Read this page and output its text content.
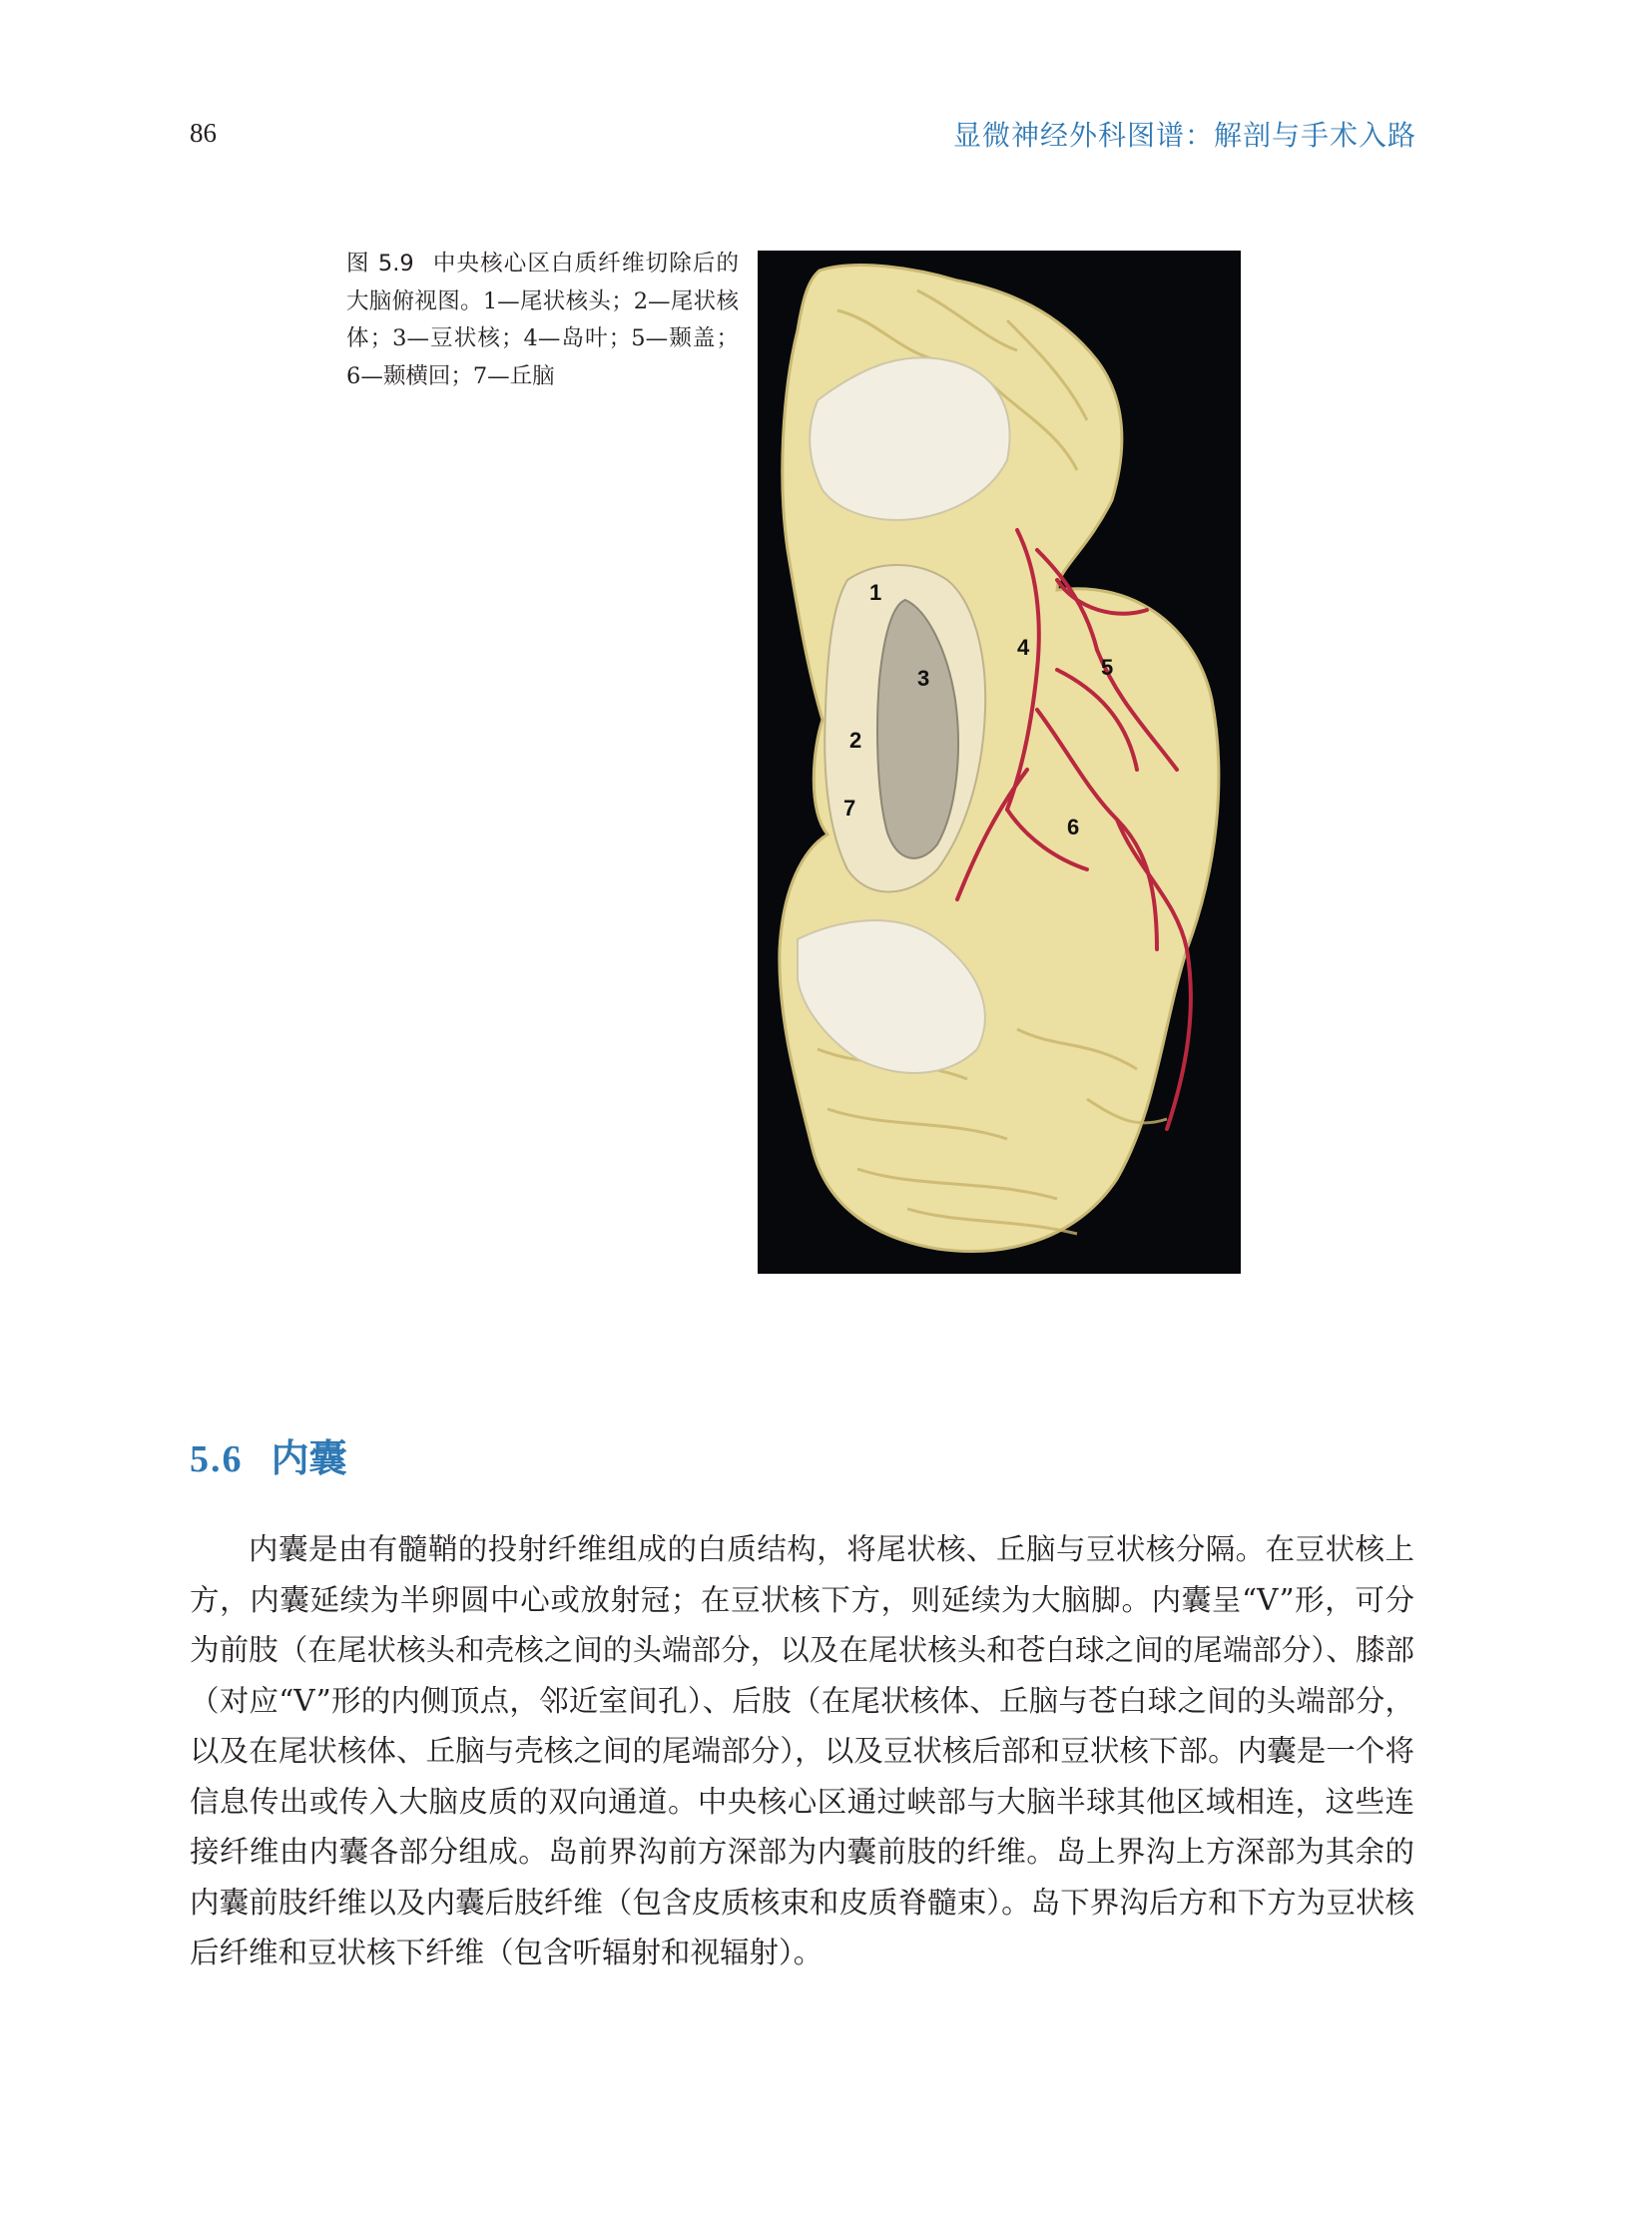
86	显微神经外科图谱：解剖与手术入路
图 5.9 中央核心区白质纤维切除后的大脑俯视图。1—尾状核头；2—尾状核体；3—豆状核；4—岛叶；5—颞盖；6—颞横回；7—丘脑
1
2
3
4
5
6
7
5.6 内囊
内囊是由有髓鞘的投射纤维组成的白质结构，将尾状核、丘脑与豆状核分隔。在豆状核上方，内囊延续为半卵圆中心或放射冠；在豆状核下方，则延续为大脑脚。内囊呈“V”形，可分为前肢（在尾状核头和壳核之间的头端部分，以及在尾状核头和苍白球之间的尾端部分）、膝部（对应“V”形的内侧顶点，邻近室间孔）、后肢（在尾状核体、丘脑与苍白球之间的头端部分，以及在尾状核体、丘脑与壳核之间的尾端部分），以及豆状核后部和豆状核下部。内囊是一个将信息传出或传入大脑皮质的双向通道。中央核心区通过峡部与大脑半球其他区域相连，这些连接纤维由内囊各部分组成。岛前界沟前方深部为内囊前肢的纤维。岛上界沟上方深部为其余的内囊前肢纤维以及内囊后肢纤维（包含皮质核束和皮质脊髓束）。岛下界沟后方和下方为豆状核后纤维和豆状核下纤维（包含听辐射和视辐射）。
